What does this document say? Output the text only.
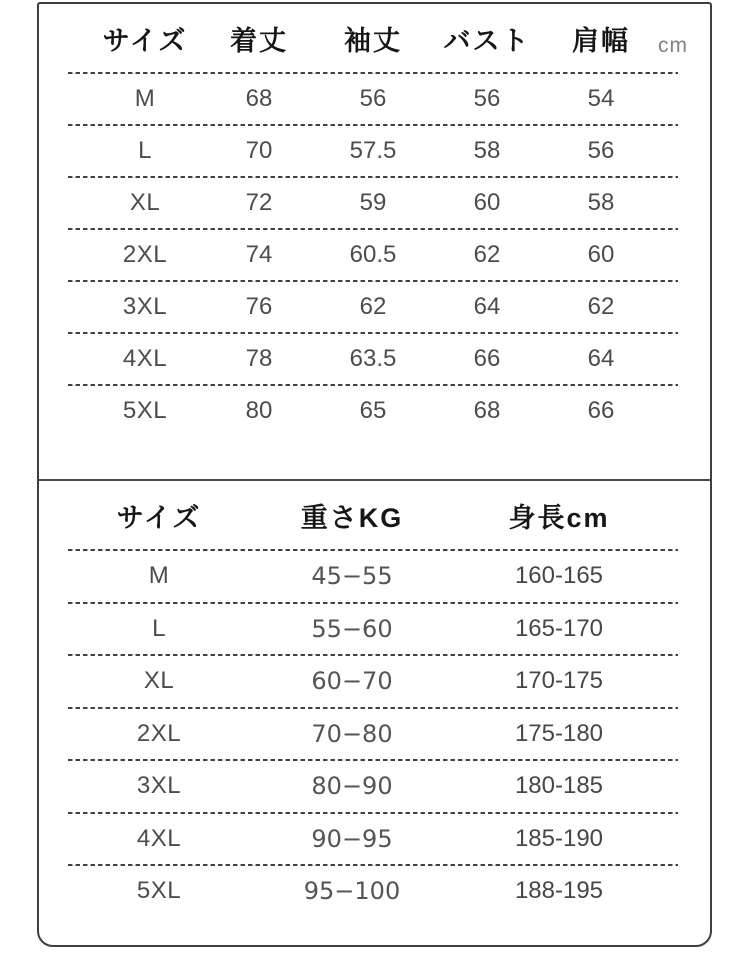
cm
サイズ	着丈	袖丈	バスト	肩幅
M	68	56	56	54
L	70	57.5	58	56
XL	72	59	60	58
2XL	74	60.5	62	60
3XL	76	62	64	62
4XL	78	63.5	66	64
5XL	80	65	68	66
サイズ	重さKG	身長cm
M	45−55	160-165
L	55−60	165-170
XL	60−70	170-175
2XL	70−80	175-180
3XL	80−90	180-185
4XL	90−95	185-190
5XL	95−100	188-195
